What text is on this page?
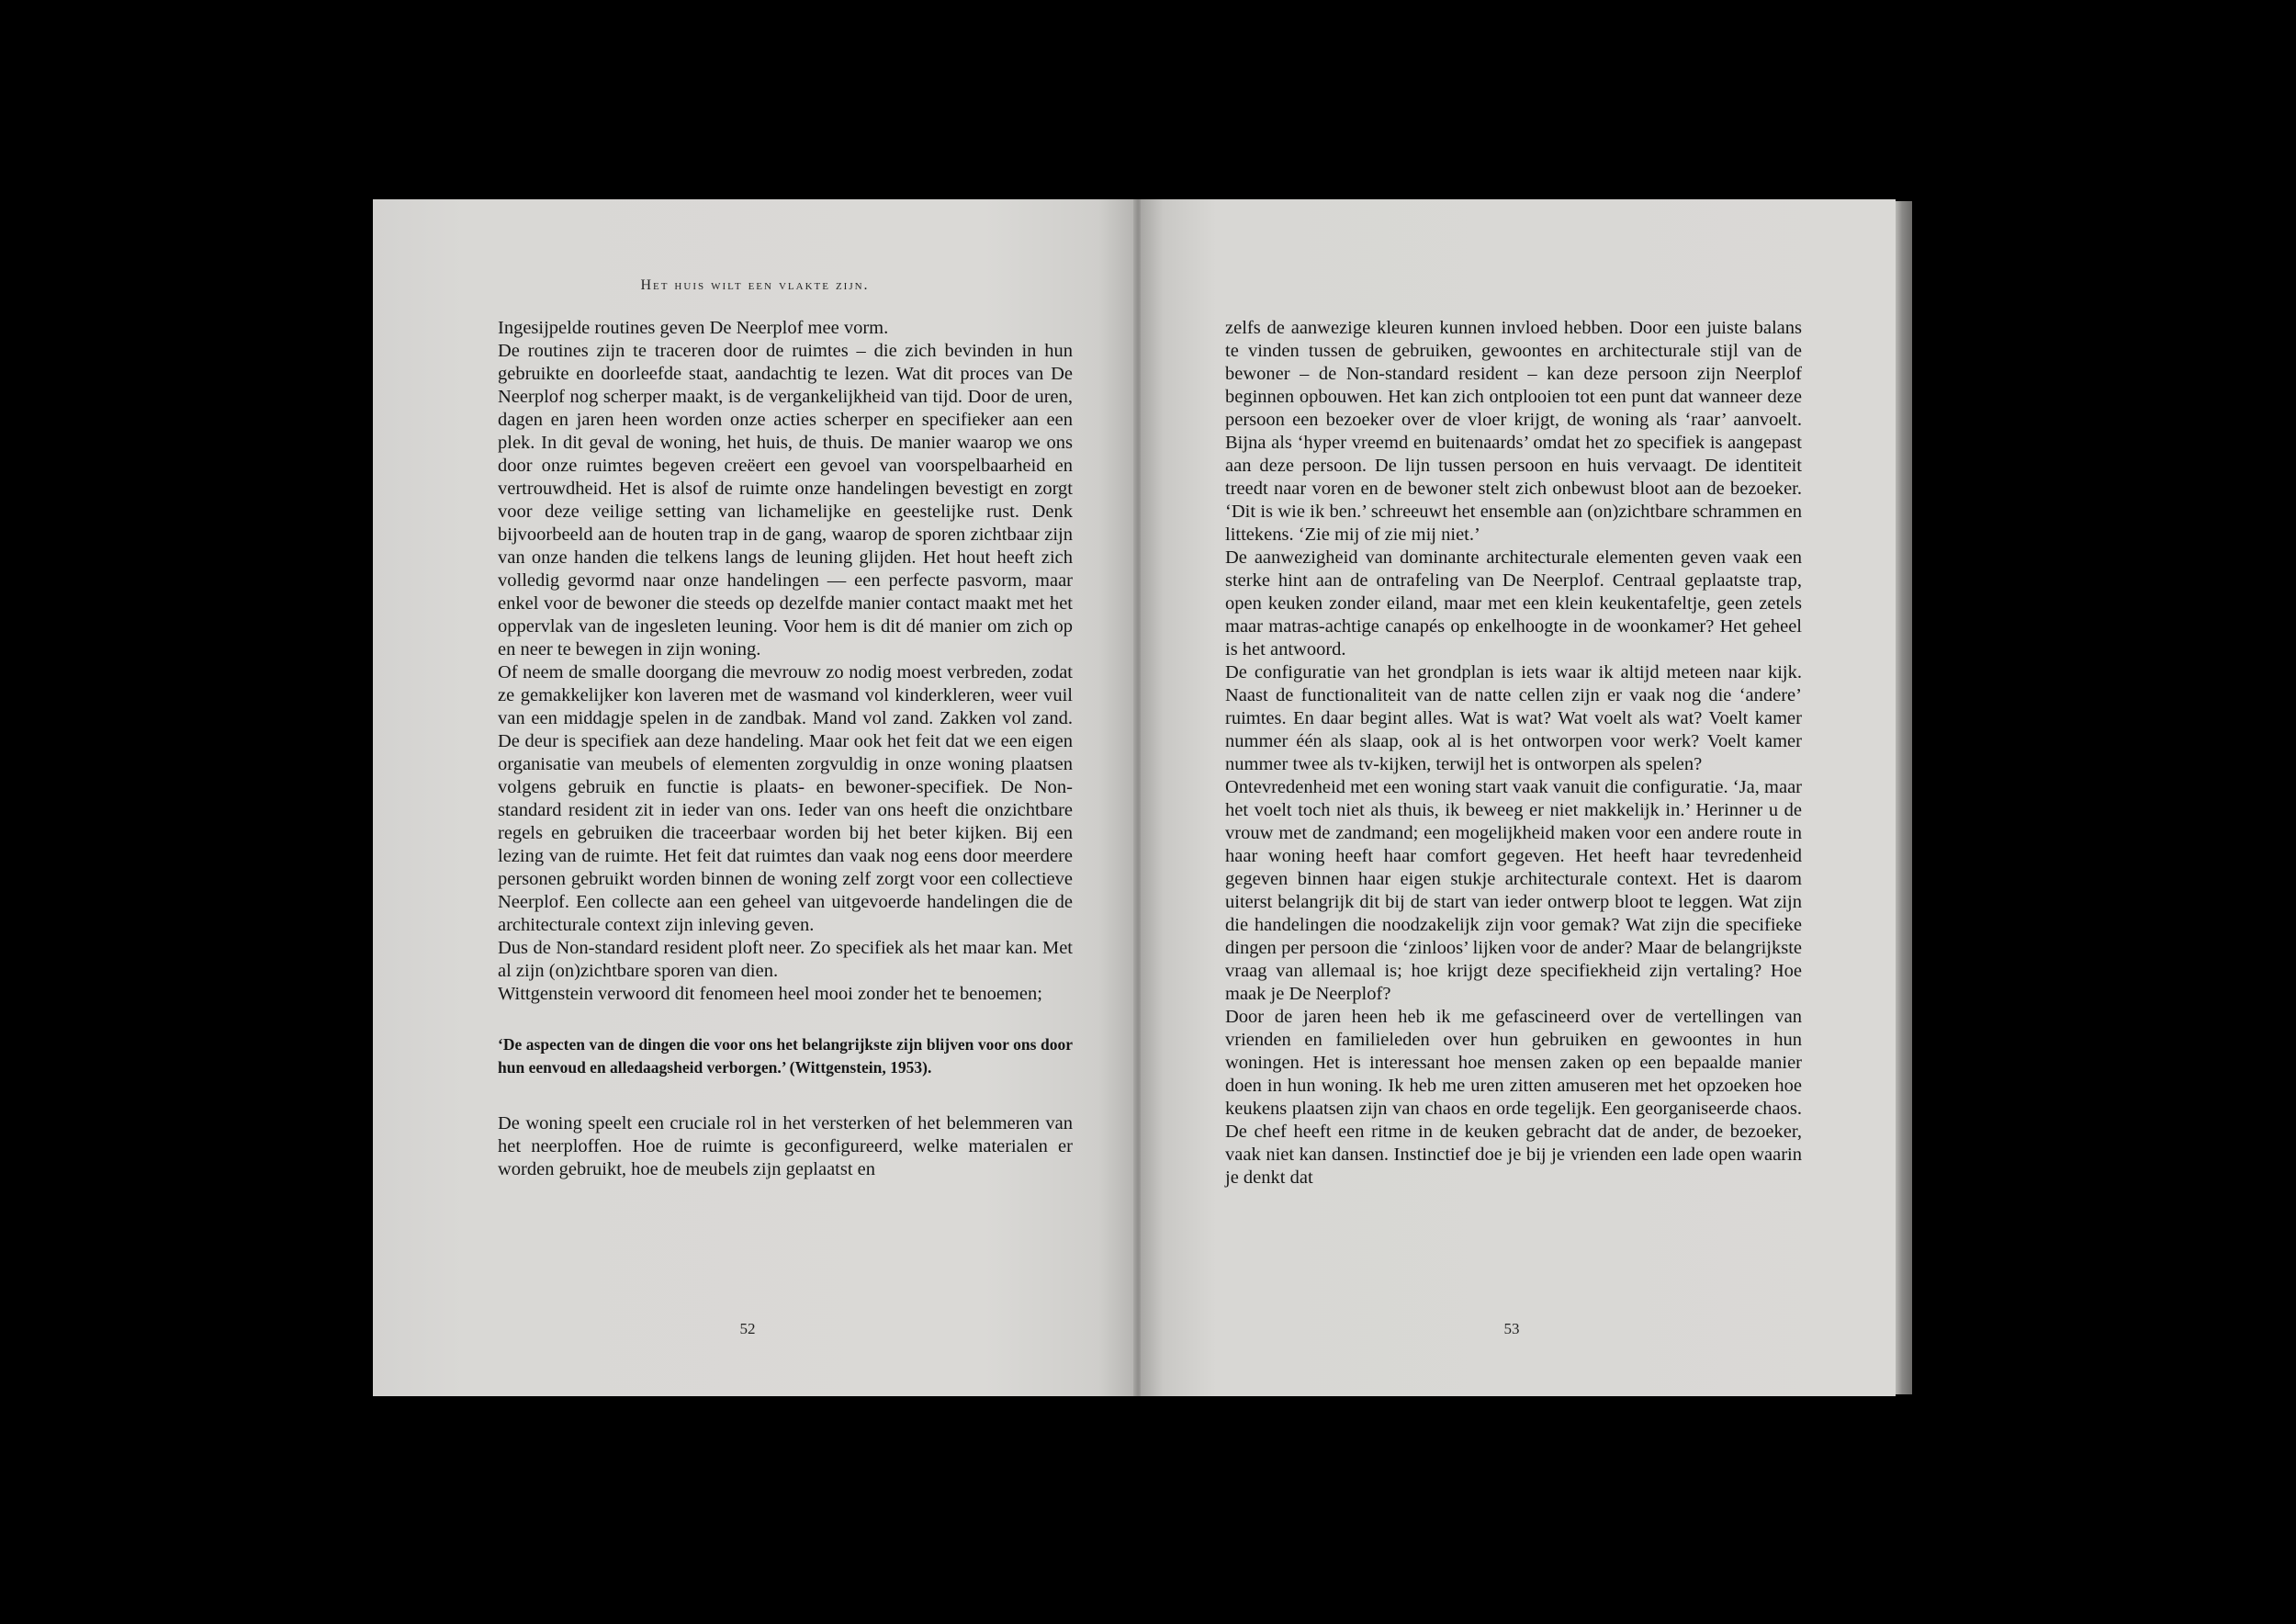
Het huis wilt een vlakte zijn.

Ingesijpelde routines geven De Neerplof mee vorm.

De routines zijn te traceren door de ruimtes – die zich bevinden in hun gebruikte en doorleefde staat, aandachtig te lezen. Wat dit proces van De Neerplof nog scherper maakt, is de vergankelijkheid van tijd. Door de uren, dagen en jaren heen worden onze acties scherper en specifieker aan een plek. In dit geval de woning, het huis, de thuis. De manier waarop we ons door onze ruimtes begeven creëert een gevoel van voorspelbaarheid en vertrouwdheid. Het is alsof de ruimte onze handelingen bevestigt en zorgt voor deze veilige setting van lichamelijke en geestelijke rust. Denk bijvoorbeeld aan de houten trap in de gang, waarop de sporen zichtbaar zijn van onze handen die telkens langs de leuning glijden. Het hout heeft zich volledig gevormd naar onze handelingen — een perfecte pasvorm, maar enkel voor de bewoner die steeds op dezelfde manier contact maakt met het oppervlak van de ingesleten leuning. Voor hem is dit dé manier om zich op en neer te bewegen in zijn woning.

Of neem de smalle doorgang die mevrouw zo nodig moest verbreden, zodat ze gemakkelijker kon laveren met de wasmand vol kinderkleren, weer vuil van een middagje spelen in de zandbak. Mand vol zand. Zakken vol zand. De deur is specifiek aan deze handeling. Maar ook het feit dat we een eigen organisatie van meubels of elementen zorgvuldig in onze woning plaatsen volgens gebruik en functie is plaats- en bewoner-specifiek. De Non-standard resident zit in ieder van ons. Ieder van ons heeft die onzichtbare regels en gebruiken die traceerbaar worden bij het beter kijken. Bij een lezing van de ruimte. Het feit dat ruimtes dan vaak nog eens door meerdere personen gebruikt worden binnen de woning zelf zorgt voor een collectieve Neerplof. Een collecte aan een geheel van uitgevoerde handelingen die de architecturale context zijn inleving geven.

Dus de Non-standard resident ploft neer. Zo specifiek als het maar kan. Met al zijn (on)zichtbare sporen van dien.

Wittgenstein verwoord dit fenomeen heel mooi zonder het te benoemen;

‘De aspecten van de dingen die voor ons het belangrijkste zijn blijven voor ons door hun eenvoud en alledaagsheid verborgen.’ (Wittgenstein, 1953).

De woning speelt een cruciale rol in het versterken of het belemmeren van het neerploffen. Hoe de ruimte is geconfigureerd, welke materialen er worden gebruikt, hoe de meubels zijn geplaatst en

52

zelfs de aanwezige kleuren kunnen invloed hebben. Door een juiste balans te vinden tussen de gebruiken, gewoontes en architecturale stijl van de bewoner – de Non-standard resident – kan deze persoon zijn Neerplof beginnen opbouwen. Het kan zich ontplooien tot een punt dat wanneer deze persoon een bezoeker over de vloer krijgt, de woning als ‘raar’ aanvoelt. Bijna als ‘hyper vreemd en buitenaards’ omdat het zo specifiek is aangepast aan deze persoon. De lijn tussen persoon en huis vervaagt. De identiteit treedt naar voren en de bewoner stelt zich onbewust bloot aan de bezoeker. ‘Dit is wie ik ben.’ schreeuwt het ensemble aan (on)zichtbare schrammen en littekens. ‘Zie mij of zie mij niet.’

De aanwezigheid van dominante architecturale elementen geven vaak een sterke hint aan de ontrafeling van De Neerplof. Centraal geplaatste trap, open keuken zonder eiland, maar met een klein keukentafeltje, geen zetels maar matras-achtige canapés op enkelhoogte in de woonkamer? Het geheel is het antwoord.

De configuratie van het grondplan is iets waar ik altijd meteen naar kijk. Naast de functionaliteit van de natte cellen zijn er vaak nog die ‘andere’ ruimtes. En daar begint alles. Wat is wat? Wat voelt als wat? Voelt kamer nummer één als slaap, ook al is het ontworpen voor werk? Voelt kamer nummer twee als tv-kijken, terwijl het is ontworpen als spelen?

Ontevredenheid met een woning start vaak vanuit die configuratie. ‘Ja, maar het voelt toch niet als thuis, ik beweeg er niet makkelijk in.’ Herinner u de vrouw met de zandmand; een mogelijkheid maken voor een andere route in haar woning heeft haar comfort gegeven. Het heeft haar tevredenheid gegeven binnen haar eigen stukje architecturale context. Het is daarom uiterst belangrijk dit bij de start van ieder ontwerp bloot te leggen. Wat zijn die handelingen die noodzakelijk zijn voor gemak? Wat zijn die specifieke dingen per persoon die ‘zinloos’ lijken voor de ander? Maar de belangrijkste vraag van allemaal is; hoe krijgt deze specifiekheid zijn vertaling? Hoe maak je De Neerplof?

Door de jaren heen heb ik me gefascineerd over de vertellingen van vrienden en familieleden over hun gebruiken en gewoontes in hun woningen. Het is interessant hoe mensen zaken op een bepaalde manier doen in hun woning. Ik heb me uren zitten amuseren met het opzoeken hoe keukens plaatsen zijn van chaos en orde tegelijk. Een georganiseerde chaos. De chef heeft een ritme in de keuken gebracht dat de ander, de bezoeker, vaak niet kan dansen. Instinctief doe je bij je vrienden een lade open waarin je denkt dat

53
